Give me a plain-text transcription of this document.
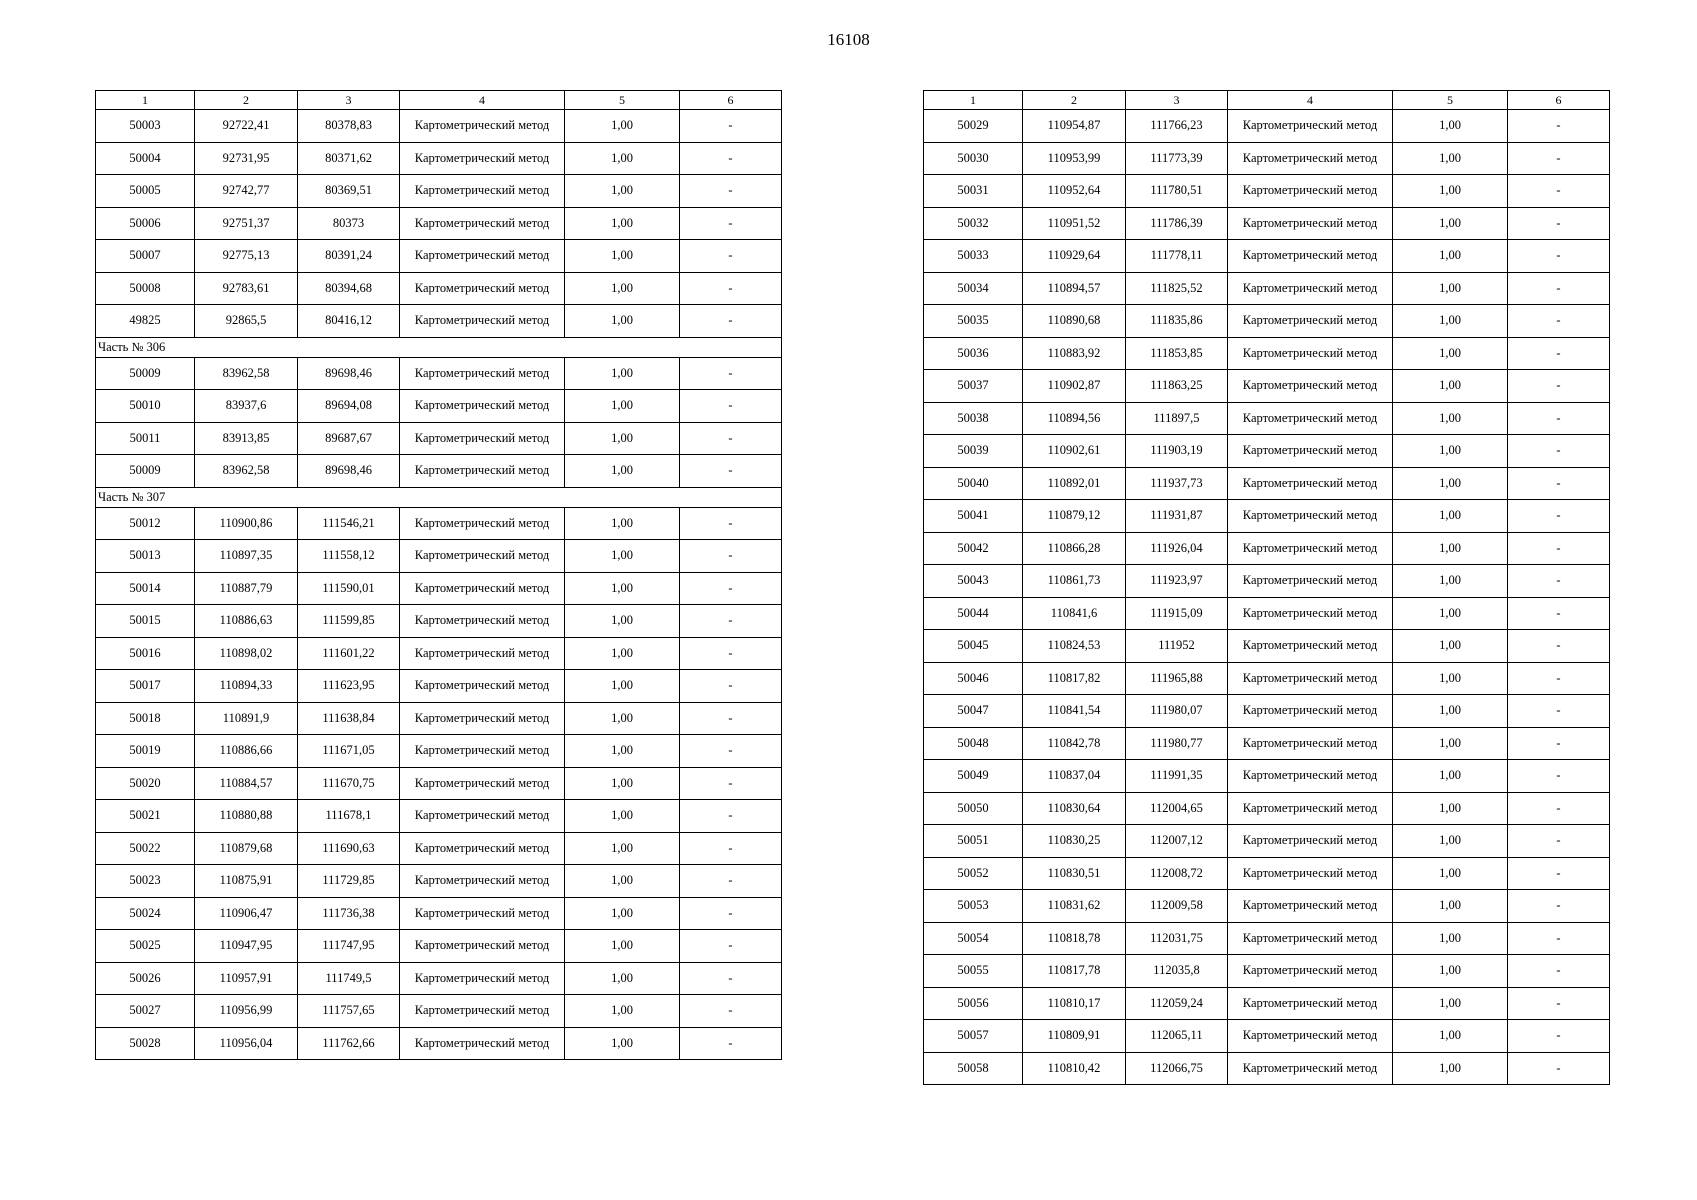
16108
1	2	3	4	5	6
50003	92722,41	80378,83	Картометрический метод	1,00	-
50004	92731,95	80371,62	Картометрический метод	1,00	-
50005	92742,77	80369,51	Картометрический метод	1,00	-
50006	92751,37	80373	Картометрический метод	1,00	-
50007	92775,13	80391,24	Картометрический метод	1,00	-
50008	92783,61	80394,68	Картометрический метод	1,00	-
49825	92865,5	80416,12	Картометрический метод	1,00	-
Часть № 306					
50009	83962,58	89698,46	Картометрический метод	1,00	-
50010	83937,6	89694,08	Картометрический метод	1,00	-
50011	83913,85	89687,67	Картометрический метод	1,00	-
50009	83962,58	89698,46	Картометрический метод	1,00	-
Часть № 307					
50012	110900,86	111546,21	Картометрический метод	1,00	-
50013	110897,35	111558,12	Картометрический метод	1,00	-
50014	110887,79	111590,01	Картометрический метод	1,00	-
50015	110886,63	111599,85	Картометрический метод	1,00	-
50016	110898,02	111601,22	Картометрический метод	1,00	-
50017	110894,33	111623,95	Картометрический метод	1,00	-
50018	110891,9	111638,84	Картометрический метод	1,00	-
50019	110886,66	111671,05	Картометрический метод	1,00	-
50020	110884,57	111670,75	Картометрический метод	1,00	-
50021	110880,88	111678,1	Картометрический метод	1,00	-
50022	110879,68	111690,63	Картометрический метод	1,00	-
50023	110875,91	111729,85	Картометрический метод	1,00	-
50024	110906,47	111736,38	Картометрический метод	1,00	-
50025	110947,95	111747,95	Картометрический метод	1,00	-
50026	110957,91	111749,5	Картометрический метод	1,00	-
50027	110956,99	111757,65	Картометрический метод	1,00	-
50028	110956,04	111762,66	Картометрический метод	1,00	-
1	2	3	4	5	6
50029	110954,87	111766,23	Картометрический метод	1,00	-
50030	110953,99	111773,39	Картометрический метод	1,00	-
50031	110952,64	111780,51	Картометрический метод	1,00	-
50032	110951,52	111786,39	Картометрический метод	1,00	-
50033	110929,64	111778,11	Картометрический метод	1,00	-
50034	110894,57	111825,52	Картометрический метод	1,00	-
50035	110890,68	111835,86	Картометрический метод	1,00	-
50036	110883,92	111853,85	Картометрический метод	1,00	-
50037	110902,87	111863,25	Картометрический метод	1,00	-
50038	110894,56	111897,5	Картометрический метод	1,00	-
50039	110902,61	111903,19	Картометрический метод	1,00	-
50040	110892,01	111937,73	Картометрический метод	1,00	-
50041	110879,12	111931,87	Картометрический метод	1,00	-
50042	110866,28	111926,04	Картометрический метод	1,00	-
50043	110861,73	111923,97	Картометрический метод	1,00	-
50044	110841,6	111915,09	Картометрический метод	1,00	-
50045	110824,53	111952	Картометрический метод	1,00	-
50046	110817,82	111965,88	Картометрический метод	1,00	-
50047	110841,54	111980,07	Картометрический метод	1,00	-
50048	110842,78	111980,77	Картометрический метод	1,00	-
50049	110837,04	111991,35	Картометрический метод	1,00	-
50050	110830,64	112004,65	Картометрический метод	1,00	-
50051	110830,25	112007,12	Картометрический метод	1,00	-
50052	110830,51	112008,72	Картометрический метод	1,00	-
50053	110831,62	112009,58	Картометрический метод	1,00	-
50054	110818,78	112031,75	Картометрический метод	1,00	-
50055	110817,78	112035,8	Картометрический метод	1,00	-
50056	110810,17	112059,24	Картометрический метод	1,00	-
50057	110809,91	112065,11	Картометрический метод	1,00	-
50058	110810,42	112066,75	Картометрический метод	1,00	-
